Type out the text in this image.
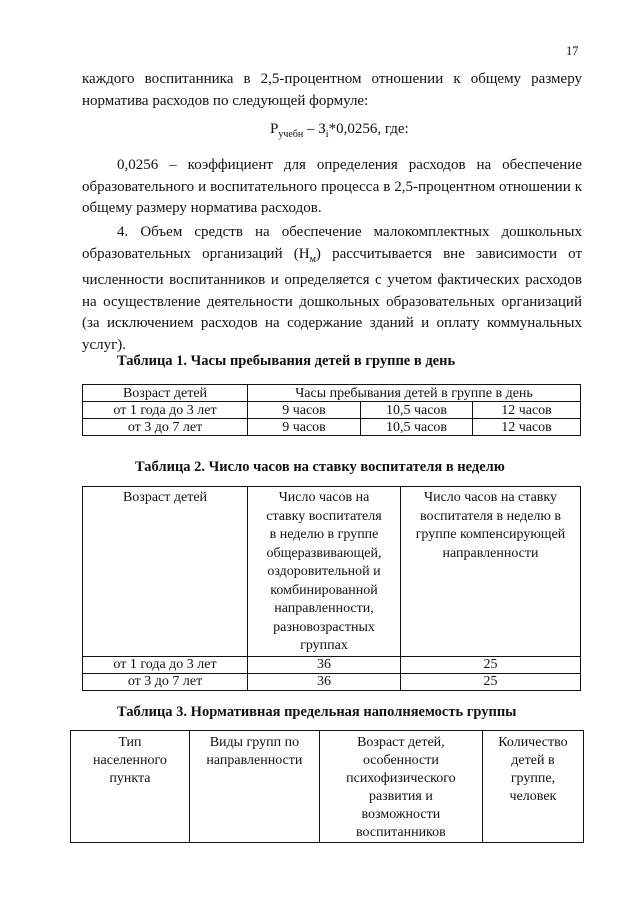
17
каждого воспитанника в 2,5-процентном отношении к общему размеру норматива расходов по следующей формуле:
$Р_{учебн} - З_i*0,0256$, где:
0,0256 – коэффициент для определения расходов на обеспечение образовательного и воспитательного процесса в 2,5-процентном отношении к общему размеру норматива расходов.
4. Объем средств на обеспечение малокомплектных дошкольных образовательных организаций $(Н_м)$ рассчитывается вне зависимости от численности воспитанников и определяется с учетом фактических расходов на осуществление деятельности дошкольных образовательных организаций (за исключением расходов на содержание зданий и оплату коммунальных услуг).
Таблица 1. Часы пребывания детей в группе в день
Возраст детей	Часы пребывания детей в группе в день		
от 1 года до 3 лет	9 часов	10,5 часов	12 часов
от 3 до 7 лет	9 часов	10,5 часов	12 часов
Таблица 2. Число часов на ставку воспитателя в неделю
Возраст детей	Число часов на ставку воспитателя в неделю в группе общеразвивающей, оздоровительной и комбинированной направленности, разновозрастных группах	Число часов на ставку воспитателя в неделю в группе компенсирующей направленности
от 1 года до 3 лет	36	25
от 3 до 7 лет	36	25
Таблица 3. Нормативная предельная наполняемость группы
Тип населенного пункта	Виды групп по направленности	Возраст детей, особенности психофизического развития и возможности воспитанников	Количество детей в группе, человек
